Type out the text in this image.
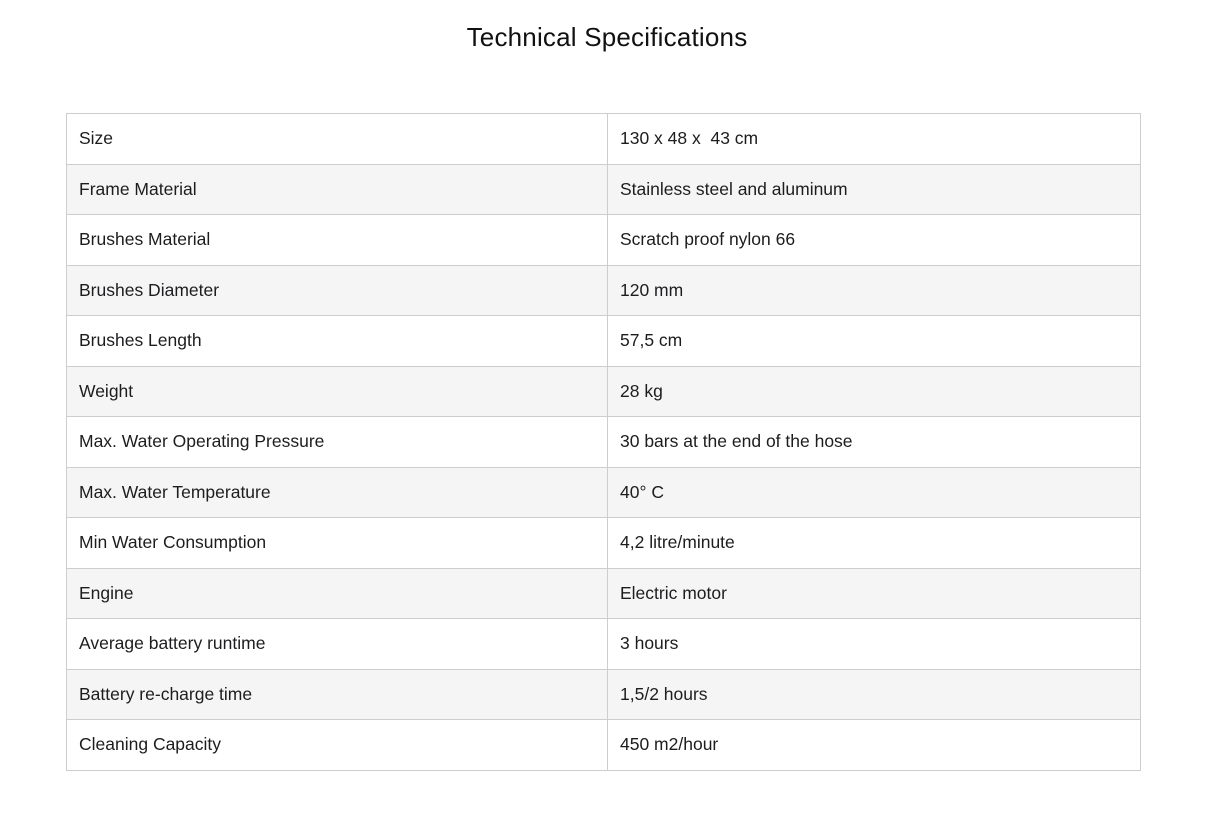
Technical Specifications
Size	130 x 48 x  43 cm
Frame Material	Stainless steel and aluminum
Brushes Material	Scratch proof nylon 66
Brushes Diameter	120 mm
Brushes Length	57,5 cm
Weight	28 kg
Max. Water Operating Pressure	30 bars at the end of the hose
Max. Water Temperature	40° C
Min Water Consumption	4,2 litre/minute
Engine	Electric motor
Average battery runtime	3 hours
Battery re-charge time	1,5/2 hours
Cleaning Capacity	450 m2/hour
